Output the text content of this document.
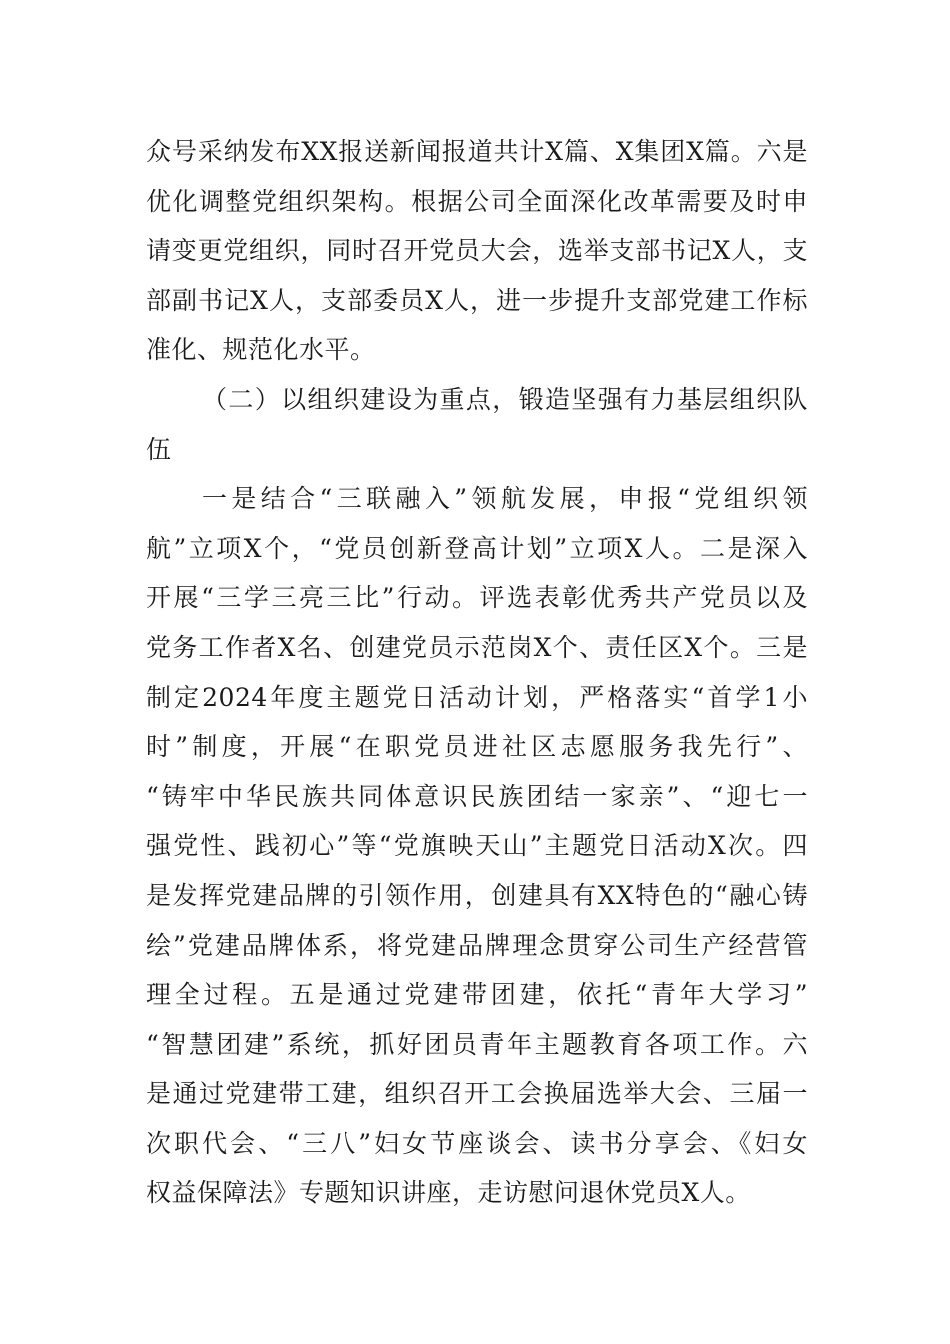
众号采纳发布XX报送新闻报道共计X篇、X集团X篇。六是
优化调整党组织架构。根据公司全面深化改革需要及时申
请变更党组织，同时召开党员大会，选举支部书记X人，支
部副书记X人，支部委员X人，进一步提升支部党建工作标
准化、规范化水平。
（二）以组织建设为重点，锻造坚强有力基层组织队
伍
一是结合“三联融入”领航发展，申报“党组织领
航”立项X个，“党员创新登高计划”立项X人。二是深入
开展“三学三亮三比”行动。评选表彰优秀共产党员以及
党务工作者X名、创建党员示范岗X个、责任区X个。三是
制定2024年度主题党日活动计划，严格落实“首学1小
时”制度，开展“在职党员进社区志愿服务我先行”、
“铸牢中华民族共同体意识民族团结一家亲”、“迎七一
强党性、践初心”等“党旗映天山”主题党日活动X次。四
是发挥党建品牌的引领作用，创建具有XX特色的“融心铸
绘”党建品牌体系，将党建品牌理念贯穿公司生产经营管
理全过程。五是通过党建带团建，依托“青年大学习”
“智慧团建”系统，抓好团员青年主题教育各项工作。六
是通过党建带工建，组织召开工会换届选举大会、三届一
次职代会、“三八”妇女节座谈会、读书分享会、《妇女
权益保障法》专题知识讲座，走访慰问退休党员X人。
